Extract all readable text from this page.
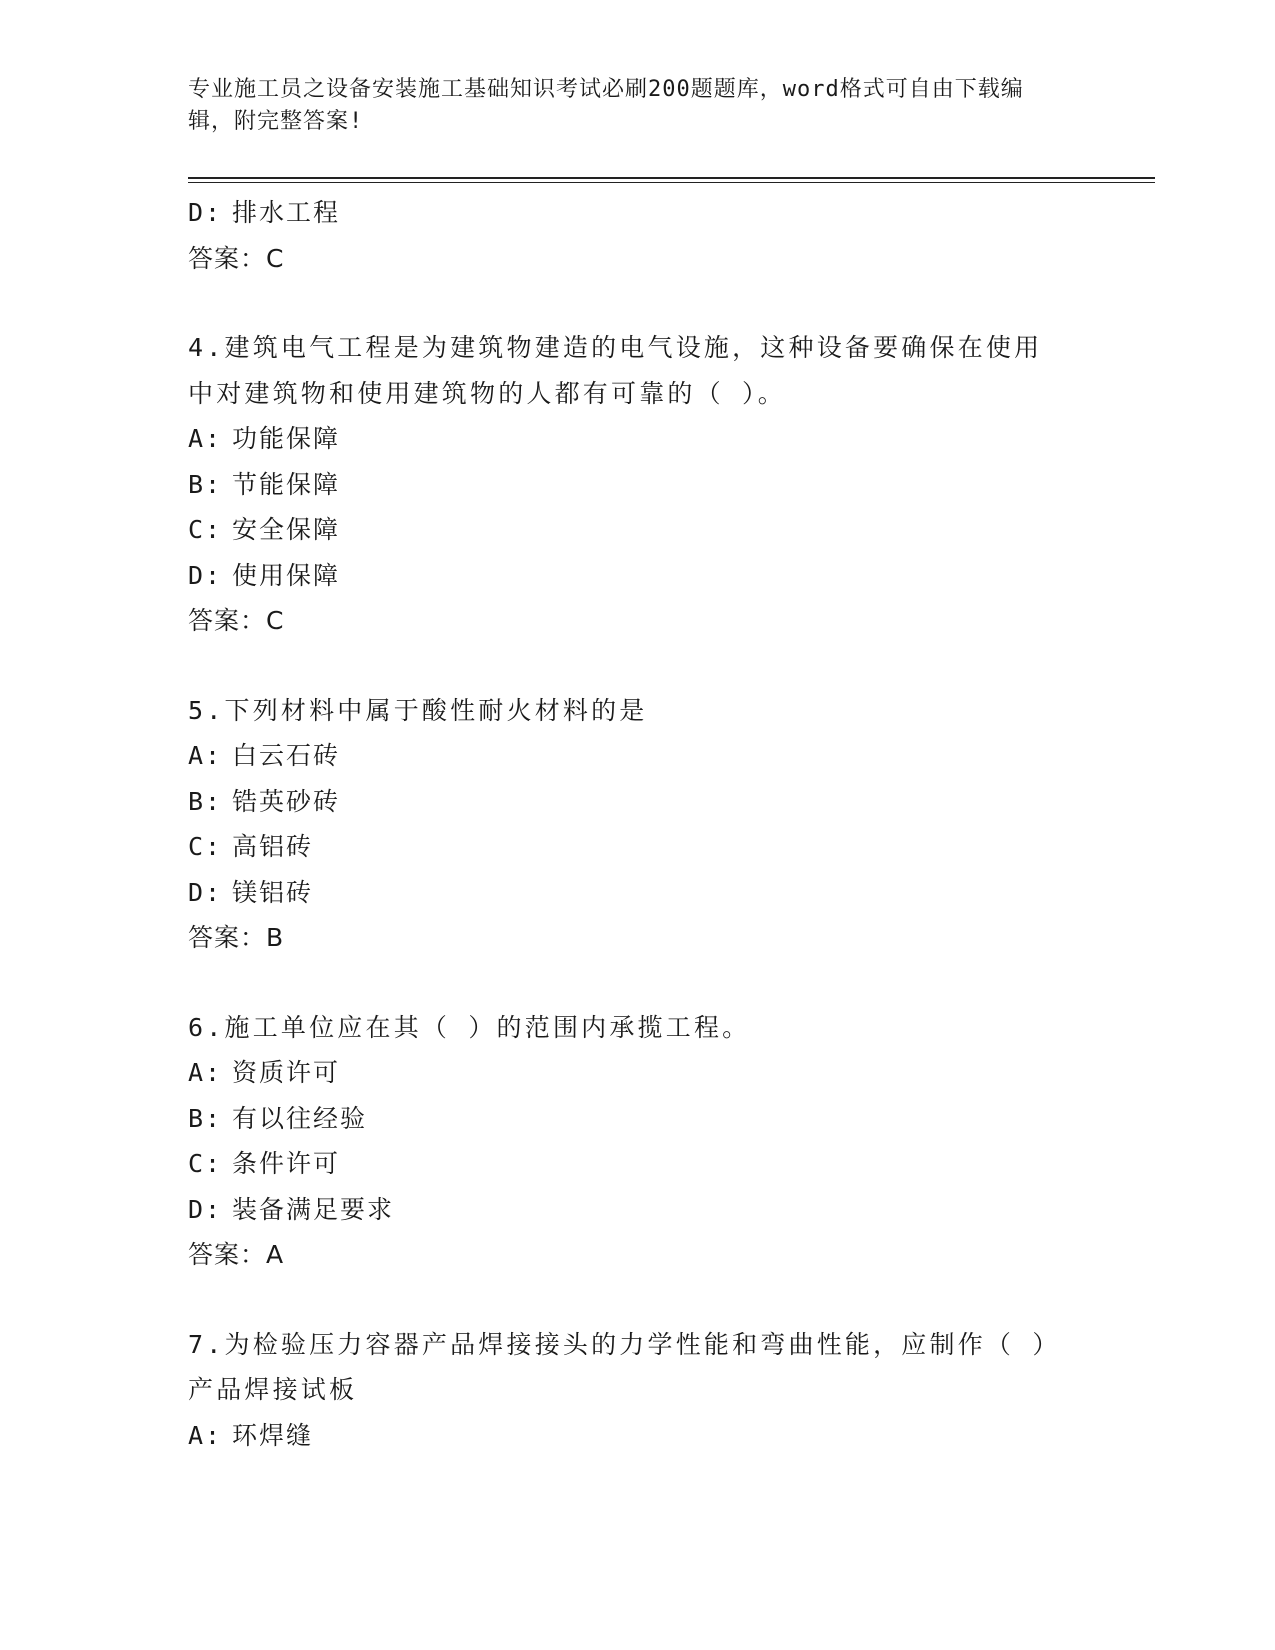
专业施工员之设备安装施工基础知识考试必刷200题题库，word格式可自由下载编辑，附完整答案!
D: 排水工程
答案：C
4.建筑电气工程是为建筑物建造的电气设施，这种设备要确保在使用中对建筑物和使用建筑物的人都有可靠的（ ）。
A: 功能保障
B: 节能保障
C: 安全保障
D: 使用保障
答案：C
5.下列材料中属于酸性耐火材料的是
A: 白云石砖
B: 锆英砂砖
C: 高铝砖
D: 镁铝砖
答案：B
6.施工单位应在其（ ）的范围内承揽工程。
A: 资质许可
B: 有以往经验
C: 条件许可
D: 装备满足要求
答案：A
7.为检验压力容器产品焊接接头的力学性能和弯曲性能，应制作（ ）产品焊接试板
A: 环焊缝
